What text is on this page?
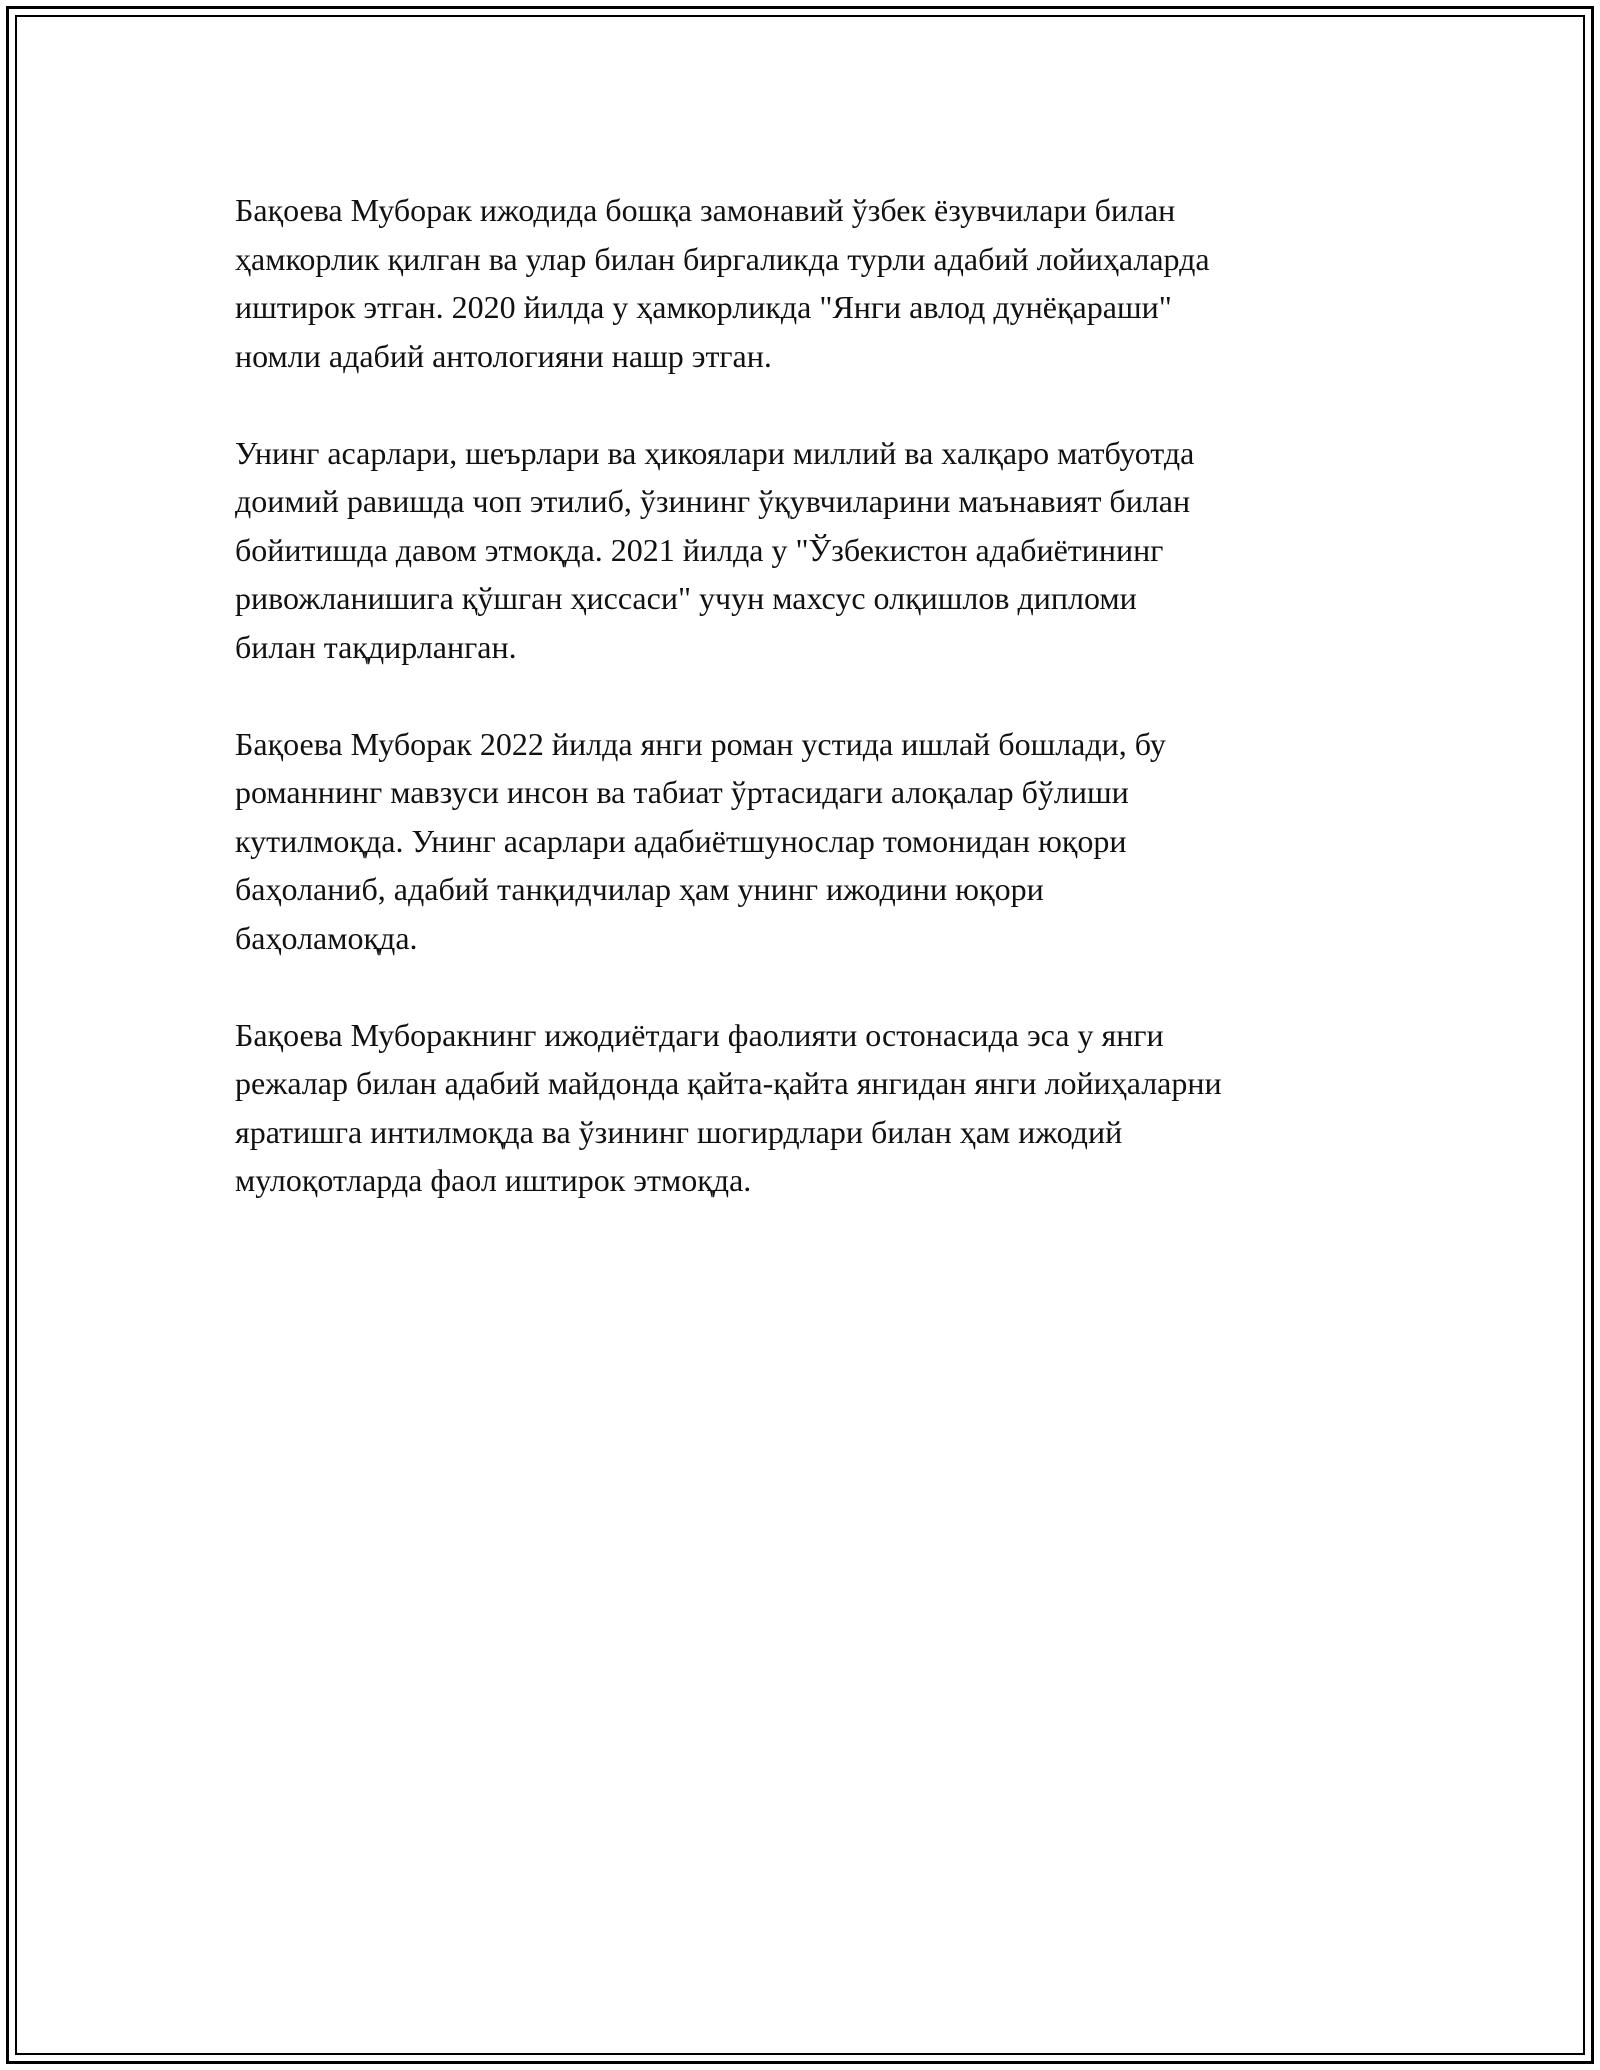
Бақоева Муборак ижодида бошқа замонавий ўзбек ёзувчилари билан
ҳамкорлик қилган ва улар билан биргаликда турли адабий лойиҳаларда
иштирок этган. 2020 йилда у ҳамкорликда "Янги авлод дунёқараши"
номли адабий антологияни нашр этган.

Унинг асарлари, шеърлари ва ҳикоялари миллий ва халқаро матбуотда
доимий равишда чоп этилиб, ўзининг ўқувчиларини маънавият билан
бойитишда давом этмоқда. 2021 йилда у "Ўзбекистон адабиётининг
ривожланишига қўшган ҳиссаси" учун махсус олқишлов дипломи
билан тақдирланган.

Бақоева Муборак 2022 йилда янги роман устида ишлай бошлади, бу
романнинг мавзуси инсон ва табиат ўртасидаги алоқалар бўлиши
кутилмоқда. Унинг асарлари адабиётшунослар томонидан юқори
баҳоланиб, адабий танқидчилар ҳам унинг ижодини юқори
баҳоламоқда.

Бақоева Муборакнинг ижодиётдаги фаолияти остонасида эса у янги
режалар билан адабий майдонда қайта-қайта янгидан янги лойиҳаларни
яратишга интилмоқда ва ўзининг шогирдлари билан ҳам ижодий
мулоқотларда фаол иштирок этмоқда.
